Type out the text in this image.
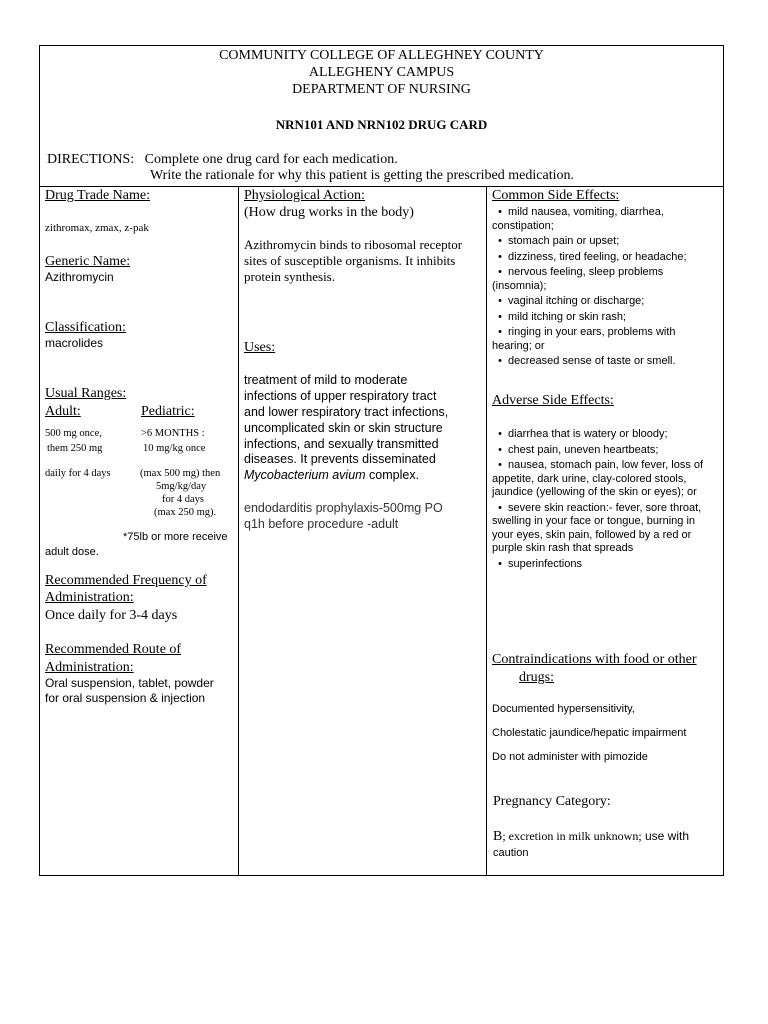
COMMUNITY COLLEGE OF ALLEGHNEY COUNTY
ALLEGHENY CAMPUS
DEPARTMENT OF NURSING
NRN101 AND NRN102 DRUG CARD
DIRECTIONS: Complete one drug card for each medication.
Write the rationale for why this patient is getting the prescribed medication.
Drug Trade Name:
zithromax, zmax, z-pak
Generic Name:
Azithromycin
Classification:
macrolides
Usual Ranges:
Adult:	Pediatric:
500 mg once,
them 250 mg
daily for 4 days
>6 MONTHS :
10 mg/kg once
(max 500 mg) then
5mg/kg/day
for 4 days
(max 250 mg).
*75lb or more receive
adult dose.
Recommended Frequency of
Administration:
Once daily for 3-4 days
Recommended Route of
Administration:
Oral suspension, tablet, powder
for oral suspension & injection
Physiological Action:
(How drug works in the body)
Azithromycin binds to ribosomal receptor
sites of susceptible organisms. It inhibits
protein synthesis.
Uses:
treatment of mild to moderate
infections of upper respiratory tract
and lower respiratory tract infections,
uncomplicated skin or skin structure
infections, and sexually transmitted
diseases. It prevents disseminated
Mycobacterium avium complex.
endodarditis prophylaxis-500mg PO
q1h before procedure -adult
Common Side Effects:
• mild nausea, vomiting, diarrhea, constipation;
• stomach pain or upset;
• dizziness, tired feeling, or headache;
• nervous feeling, sleep problems (insomnia);
• vaginal itching or discharge;
• mild itching or skin rash;
• ringing in your ears, problems with hearing; or
• decreased sense of taste or smell.
Adverse Side Effects:
• diarrhea that is watery or bloody;
• chest pain, uneven heartbeats;
• nausea, stomach pain, low fever, loss of appetite, dark urine, clay-colored stools, jaundice (yellowing of the skin or eyes); or
• severe skin reaction:- fever, sore throat, swelling in your face or tongue, burning in your eyes, skin pain, followed by a red or purple skin rash that spreads
• superinfections
Contraindications with food or other
drugs:
Documented hypersensitivity,
Cholestatic jaundice/hepatic impairment
Do not administer with pimozide
Pregnancy Category:
B; excretion in milk unknown; use with
caution
